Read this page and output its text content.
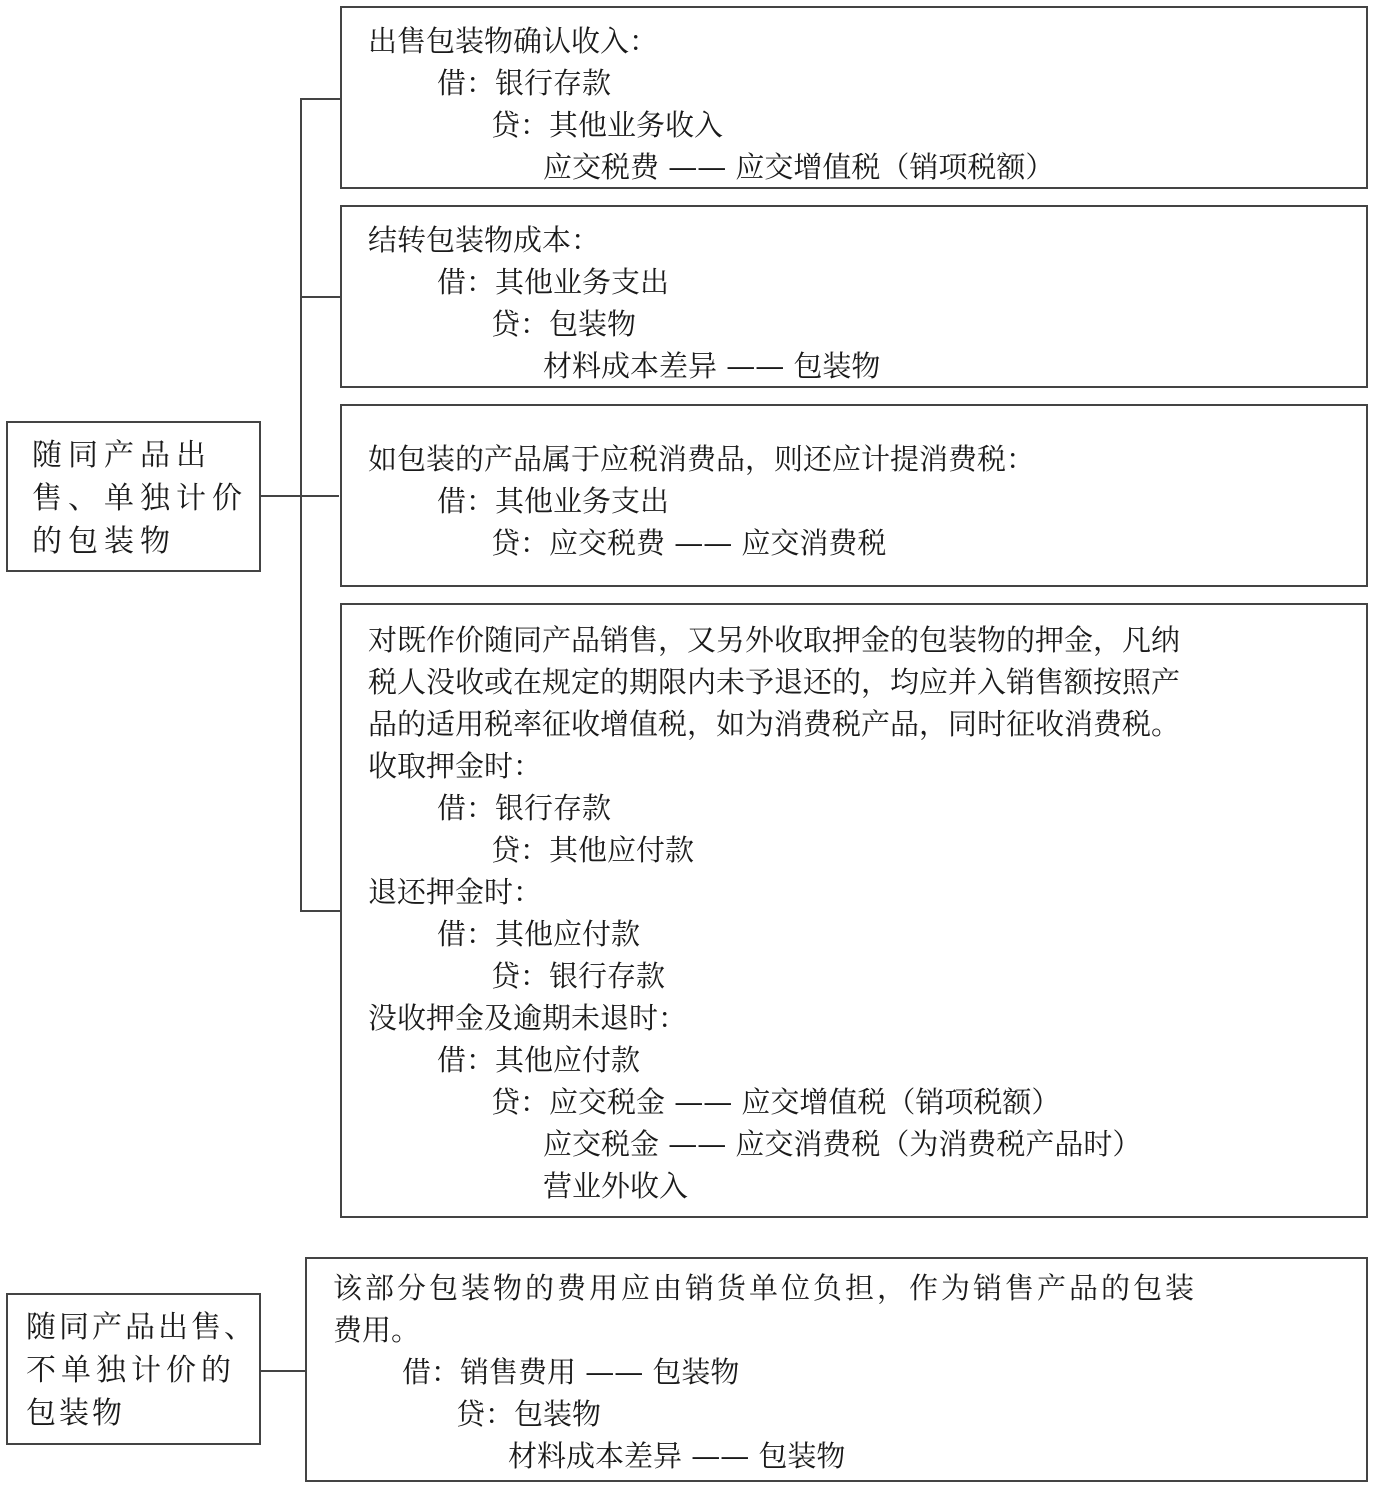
随同产品出
售、单独计价
的包装物
出售包装物确认收入：
借：银行存款
贷：其他业务收入
应交税费 —— 应交增值税（销项税额）
结转包装物成本：
借：其他业务支出
贷：包装物
材料成本差异 —— 包装物
如包装的产品属于应税消费品，则还应计提消费税：
借：其他业务支出
贷：应交税费 —— 应交消费税
对既作价随同产品销售，又另外收取押金的包装物的押金，凡纳
税人没收或在规定的期限内未予退还的，均应并入销售额按照产
品的适用税率征收增值税，如为消费税产品，同时征收消费税。
收取押金时：
借：银行存款
贷：其他应付款
退还押金时：
借：其他应付款
贷：银行存款
没收押金及逾期未退时：
借：其他应付款
贷：应交税金 —— 应交增值税（销项税额）
应交税金 —— 应交消费税（为消费税产品时）
营业外收入
随同产品出售、
不单独计价的
包装物
该部分包装物的费用应由销货单位负担，作为销售产品的包装
费用。
借：销售费用 —— 包装物
贷：包装物
材料成本差异 —— 包装物
